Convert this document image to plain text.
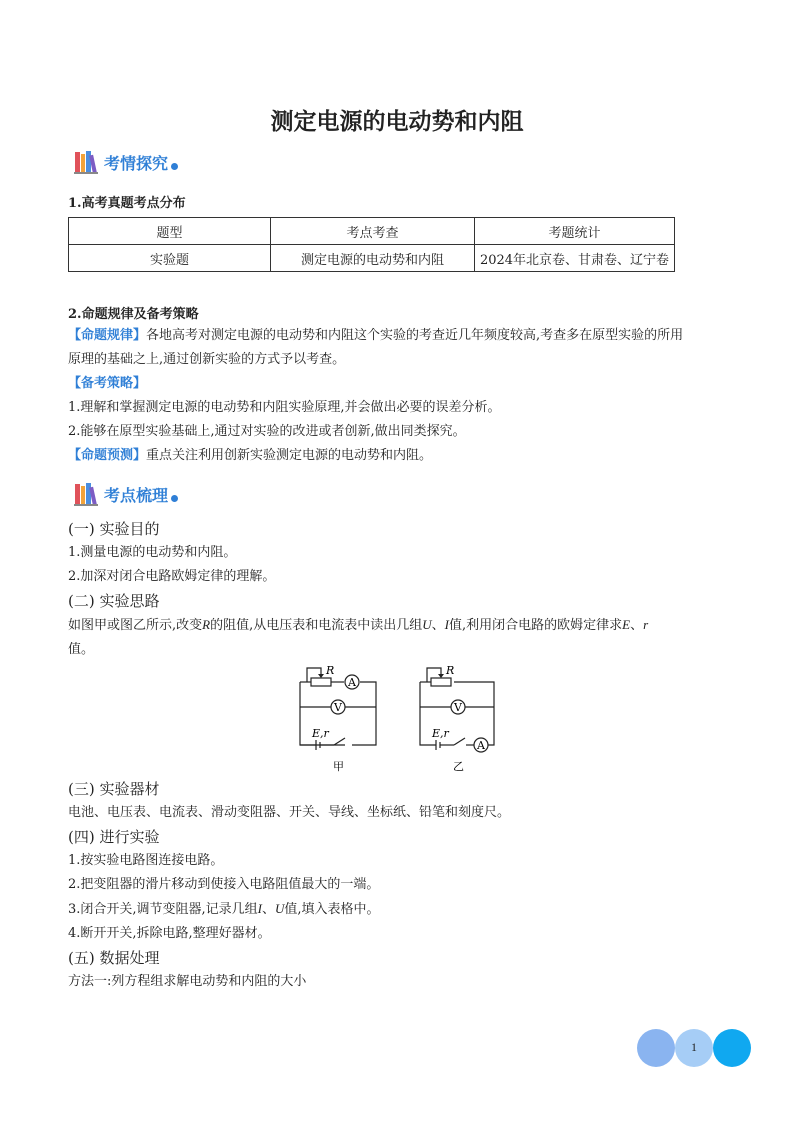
测定电源的电动势和内阻
考情探究
1.高考真题考点分布
题型	考点考查	考题统计
实验题	测定电源的电动势和内阻	2024年北京卷、甘肃卷、辽宁卷
2.命题规律及备考策略
【命题规律】各地高考对测定电源的电动势和内阻这个实验的考查近几年频度较高,考查多在原型实验的所用
原理的基础之上,通过创新实验的方式予以考查。
【备考策略】
1.理解和掌握测定电源的电动势和内阻实验原理,并会做出必要的误差分析。
2.能够在原型实验基础上,通过对实验的改进或者创新,做出同类探究。
【命题预测】重点关注利用创新实验测定电源的电动势和内阻。
考点梳理
(一) 实验目的
1.测量电源的电动势和内阻。
2.加深对闭合电路欧姆定律的理解。
(二) 实验思路
如图甲或图乙所示,改变R的阻值,从电压表和电流表中读出几组U、I值,利用闭合电路的欧姆定律求E、r
值。
R
A
V
E,r
甲
R
V
A
E,r
乙
(三) 实验器材
电池、电压表、电流表、滑动变阻器、开关、导线、坐标纸、铅笔和刻度尺。
(四) 进行实验
1.按实验电路图连接电路。
2.把变阻器的滑片移动到使接入电路阻值最大的一端。
3.闭合开关,调节变阻器,记录几组I、U值,填入表格中。
4.断开开关,拆除电路,整理好器材。
(五) 数据处理
方法一:列方程组求解电动势和内阻的大小
1
